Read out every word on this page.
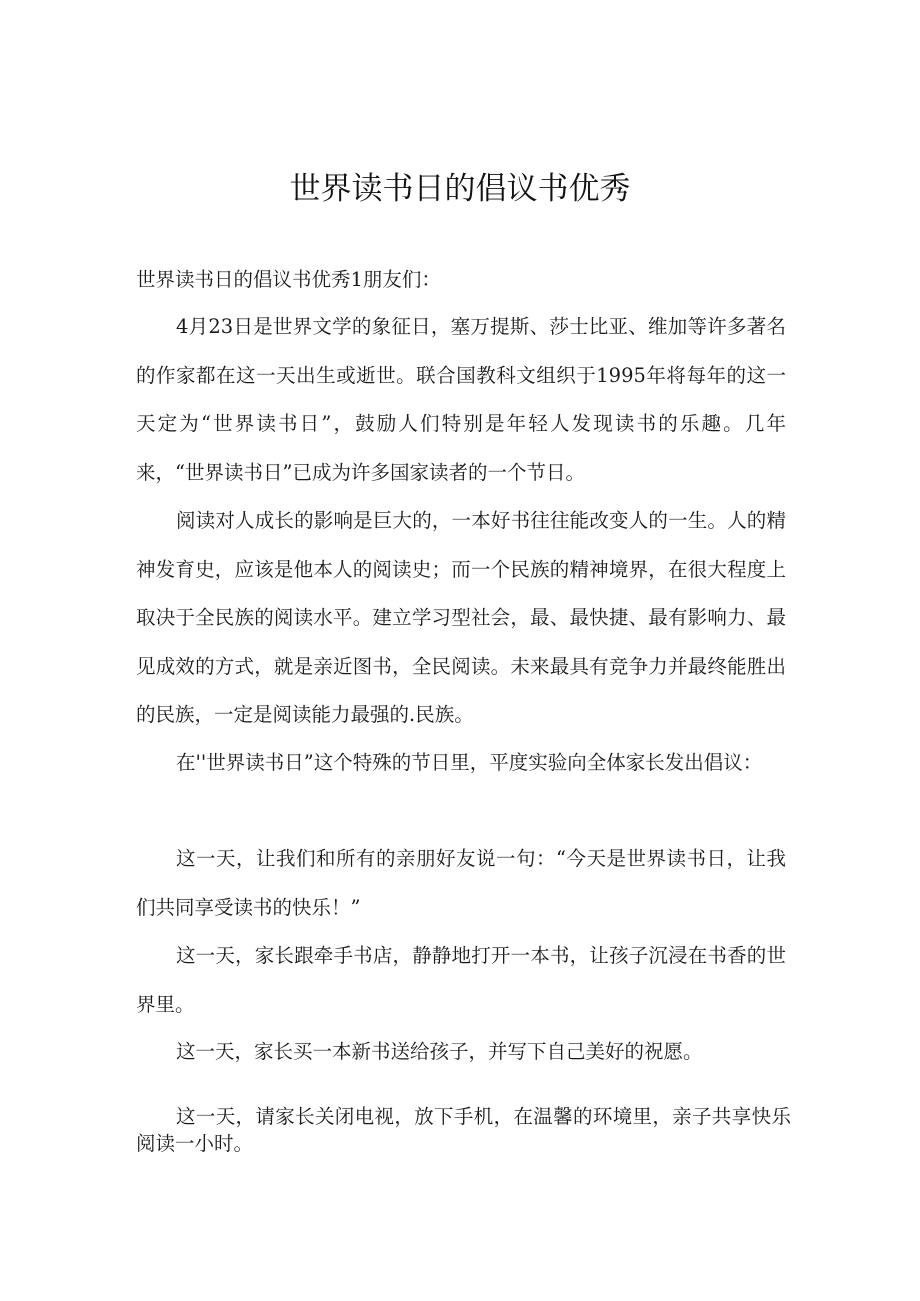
世界读书日的倡议书优秀

世界读书日的倡议书优秀1朋友们：

4月23日是世界文学的象征日，塞万提斯、莎士比亚、维加等许多著名的作家都在这一天出生或逝世。联合国教科文组织于1995年将每年的这一天定为“世界读书日”，鼓励人们特别是年轻人发现读书的乐趣。几年来，“世界读书日”已成为许多国家读者的一个节日。

阅读对人成长的影响是巨大的，一本好书往往能改变人的一生。人的精神发育史，应该是他本人的阅读史；而一个民族的精神境界，在很大程度上取决于全民族的阅读水平。建立学习型社会，最、最快捷、最有影响力、最见成效的方式，就是亲近图书，全民阅读。未来最具有竞争力并最终能胜出的民族，一定是阅读能力最强的.民族。

在''世界读书日”这个特殊的节日里，平度实验向全体家长发出倡议：

这一天，让我们和所有的亲朋好友说一句：“今天是世界读书日，让我们共同享受读书的快乐！”

这一天，家长跟牵手书店，静静地打开一本书，让孩子沉浸在书香的世界里。

这一天，家长买一本新书送给孩子，并写下自己美好的祝愿。

这一天，请家长关闭电视，放下手机，在温馨的环境里，亲子共享快乐阅读一小时。
